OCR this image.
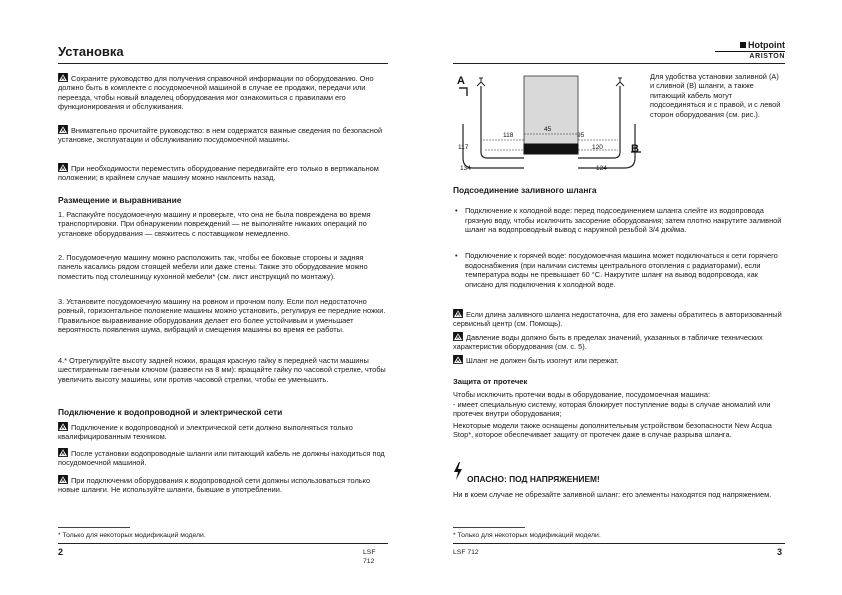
Установка

Сохраните руководство для получения справочной информации по оборудованию. Оно должно быть в комплекте с посудомоечной машиной в случае ее продажи, передачи или переезда, чтобы новый владелец оборудования мог ознакомиться с правилами его функционирования и обслуживания.

Внимательно прочитайте руководство: в нем содержатся важные сведения по безопасной установке, эксплуатации и обслуживанию посудомоечной машины.

При необходимости переместить оборудование передвигайте его только в вертикальном положении; в крайнем случае машину можно наклонить назад.

Размещение и выравнивание

1. Распакуйте посудомоечную машину и проверьте, что она не была повреждена во время транспортировки. При обнаружении повреждений — не выполняйте никаких операций по установке оборудования — свяжитесь с поставщиком немедленно.

2. Посудомоечную машину можно расположить так, чтобы ее боковые стороны и задняя панель касались рядом стоящей мебели или даже стены. Также это оборудование можно поместить под столешницу кухонной мебели* (см. лист инструкций по монтажу).

3. Установите посудомоечную машину на ровном и прочном полу. Если пол недостаточно ровный, горизонтальное положение машины можно установить, регулируя ее передние ножки. Правильное выравнивание оборудования делает его более устойчивым и уменьшает вероятность появления шума, вибраций и смещения машины во время ее работы.

4.* Отрегулируйте высоту задней ножки, вращая красную гайку в передней части машины шестигранным гаечным ключом (развести на 8 мм): вращайте гайку по часовой стрелке, чтобы увеличить высоту машины, или против часовой стрелки, чтобы ее уменьшить.

Подключение к водопроводной и электрической сети

Подключение к водопроводной и электрической сети должно выполняться только квалифицированным техником.

После установки водопроводные шланги или питающий кабель не должны находиться под посудомоечной машиной.

При подключении оборудования к водопроводной сети должны использоваться только новые шланги. Не используйте шланги, бывшие в употреблении.

* Только для некоторых модификаций модели.

2	LSF 712
Hotpoint
ARISTON
A
B
45
118	95
117	120
134	124

Для удобства установки заливной (А) и сливной (В) шланги, а также питающий кабель могут подсоединяться и с правой, и с левой сторон оборудования (см. рис.).

Подсоединение заливного шланга

• Подключение к холодной воде: перед подсоединением шланга слейте из водопровода грязную воду, чтобы исключить засорение оборудования; затем плотно накрутите заливной шланг на водопроводный вывод с наружной резьбой 3/4 дюйма.

• Подключение к горячей воде: посудомоечная машина может подключаться к сети горячего водоснабжения (при наличии системы центрального отопления с радиаторами), если температура воды не превышает 60 °С. Накрутите шланг на вывод водопровода, как описано для подключения к холодной воде.

Если длина заливного шланга недостаточна, для его замены обратитесь в авторизованный сервисный центр (см. Помощь).

Давление воды должно быть в пределах значений, указанных в табличке технических характеристик оборудования (см. с. 5).

Шланг не должен быть изогнут или пережат.

Защита от протечек

Чтобы исключить протечки воды в оборудование, посудомоечная машина:

- имеет специальную систему, которая блокирует поступление воды в случае аномалий или протечек внутри оборудования;

Некоторые модели также оснащены дополнительным устройством безопасности New Acqua Stop*, которое обеспечивает защиту от протечек даже в случае разрыва шланга.

ОПАСНО: ПОД НАПРЯЖЕНИЕМ!

Ни в коем случае не обрезайте заливной шланг: его элементы находятся под напряжением.

* Только для некоторых модификаций модели.

LSF 712	3
